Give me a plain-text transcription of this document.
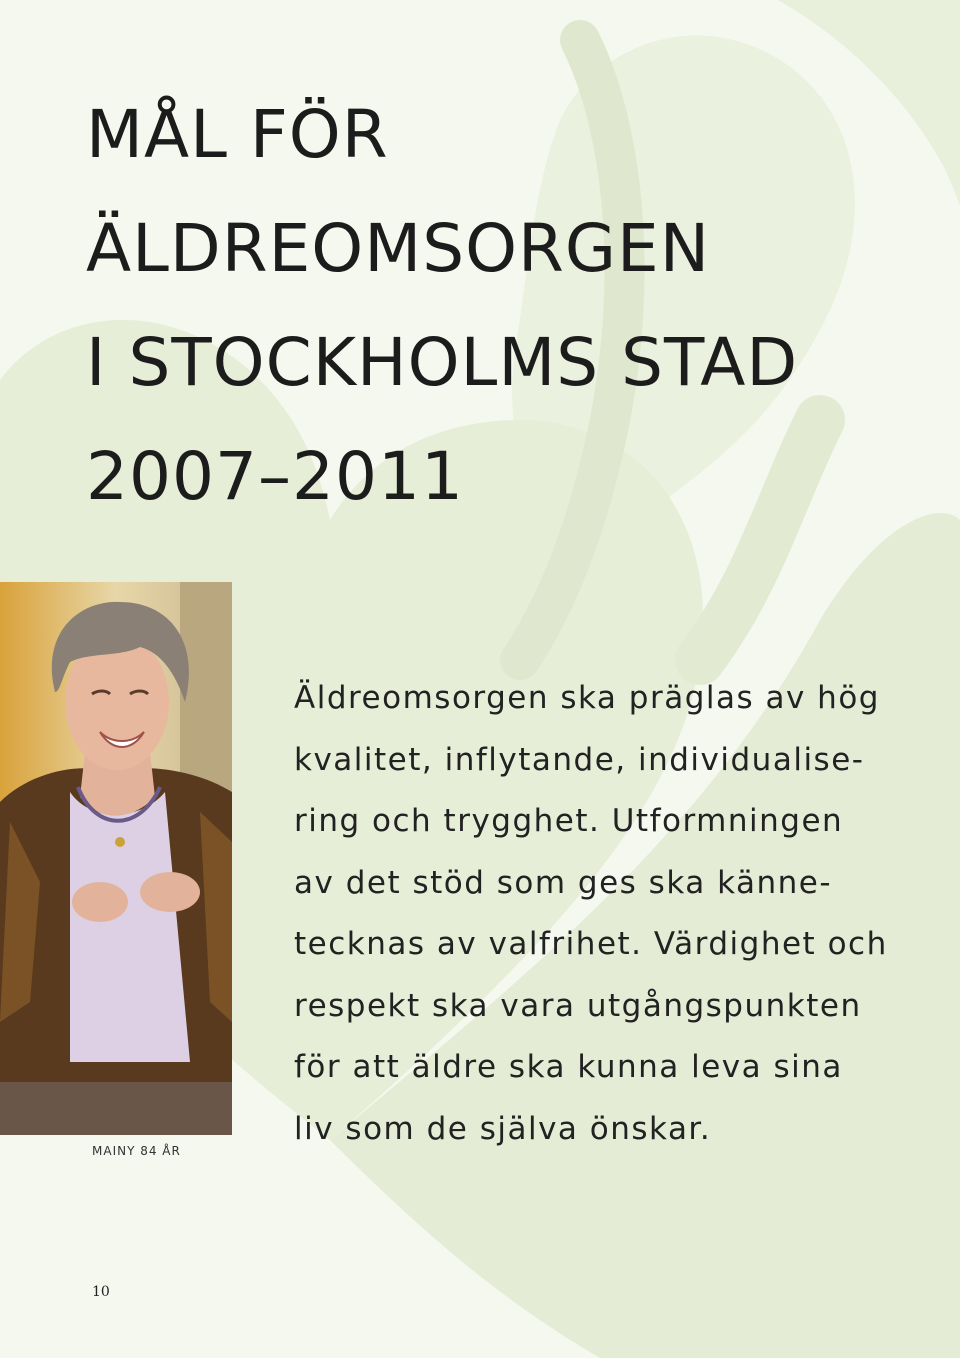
MÅL FÖR
ÄLDREOMSORGEN
I STOCKHOLMS STAD
2007–2011

MAINY 84 ÅR

Äldreomsorgen ska präglas av hög
kvalitet, inflytande, individualise-
ring och trygghet. Utformningen
av det stöd som ges ska känne-
tecknas av valfrihet. Värdighet och
respekt ska vara utgångspunkten
för att äldre ska kunna leva sina
liv som de själva önskar.
10
